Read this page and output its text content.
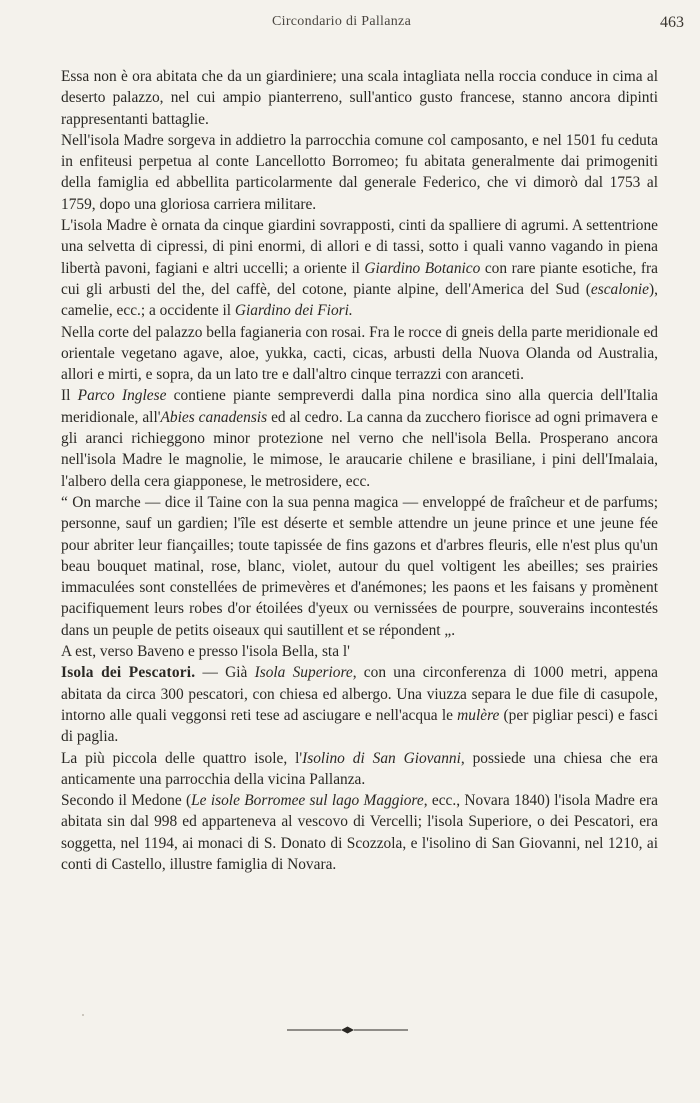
Circondario di Pallanza	463

Essa non è ora abitata che da un giardiniere; una scala intagliata nella roccia conduce in cima al deserto palazzo, nel cui ampio pianterreno, sull'antico gusto francese, stanno ancora dipinti rappresentanti battaglie.

Nell'isola Madre sorgeva in addietro la parrocchia comune col camposanto, e nel 1501 fu ceduta in enfiteusi perpetua al conte Lancellotto Borromeo; fu abitata generalmente dai primogeniti della famiglia ed abbellita particolarmente dal generale Federico, che vi dimorò dal 1753 al 1759, dopo una gloriosa carriera militare.

L'isola Madre è ornata da cinque giardini sovrapposti, cinti da spalliere di agrumi. A settentrione una selvetta di cipressi, di pini enormi, di allori e di tassi, sotto i quali vanno vagando in piena libertà pavoni, fagiani e altri uccelli; a oriente il Giardino Botanico con rare piante esotiche, fra cui gli arbusti del the, del caffè, del cotone, piante alpine, dell'America del Sud (escalonie), camelie, ecc.; a occidente il Giardino dei Fiori.

Nella corte del palazzo bella fagianeria con rosai. Fra le rocce di gneis della parte meridionale ed orientale vegetano agave, aloe, yukka, cacti, cicas, arbusti della Nuova Olanda od Australia, allori e mirti, e sopra, da un lato tre e dall'altro cinque terrazzi con aranceti.

Il Parco Inglese contiene piante sempreverdi dalla pina nordica sino alla quercia dell'Italia meridionale, all'Abies canadensis ed al cedro. La canna da zucchero fiorisce ad ogni primavera e gli aranci richieggono minor protezione nel verno che nell'isola Bella. Prosperano ancora nell'isola Madre le magnolie, le mimose, le araucarie chilene e brasiliane, i pini dell'Imalaia, l'albero della cera giapponese, le metrosidere, ecc.

“ On marche — dice il Taine con la sua penna magica — enveloppé de fraîcheur et de parfums; personne, sauf un gardien; l'île est déserte et semble attendre un jeune prince et une jeune fée pour abriter leur fiançailles; toute tapissée de fins gazons et d'arbres fleuris, elle n'est plus qu'un beau bouquet matinal, rose, blanc, violet, autour du quel voltigent les abeilles; ses prairies immaculées sont constellées de primevères et d'anémones; les paons et les faisans y promènent pacifiquement leurs robes d'or étoilées d'yeux ou vernissées de pourpre, souverains incontestés dans un peuple de petits oiseaux qui sautillent et se répondent „.

A est, verso Baveno e presso l'isola Bella, sta l'

Isola dei Pescatori. — Già Isola Superiore, con una circonferenza di 1000 metri, appena abitata da circa 300 pescatori, con chiesa ed albergo. Una viuzza separa le due file di casupole, intorno alle quali veggonsi reti tese ad asciugare e nell'acqua le mulère (per pigliar pesci) e fasci di paglia.

La più piccola delle quattro isole, l'Isolino di San Giovanni, possiede una chiesa che era anticamente una parrocchia della vicina Pallanza.

Secondo il Medone (Le isole Borromee sul lago Maggiore, ecc., Novara 1840) l'isola Madre era abitata sin dal 998 ed apparteneva al vescovo di Vercelli; l'isola Superiore, o dei Pescatori, era soggetta, nel 1194, ai monaci di S. Donato di Scozzola, e l'isolino di San Giovanni, nel 1210, ai conti di Castello, illustre famiglia di Novara.
